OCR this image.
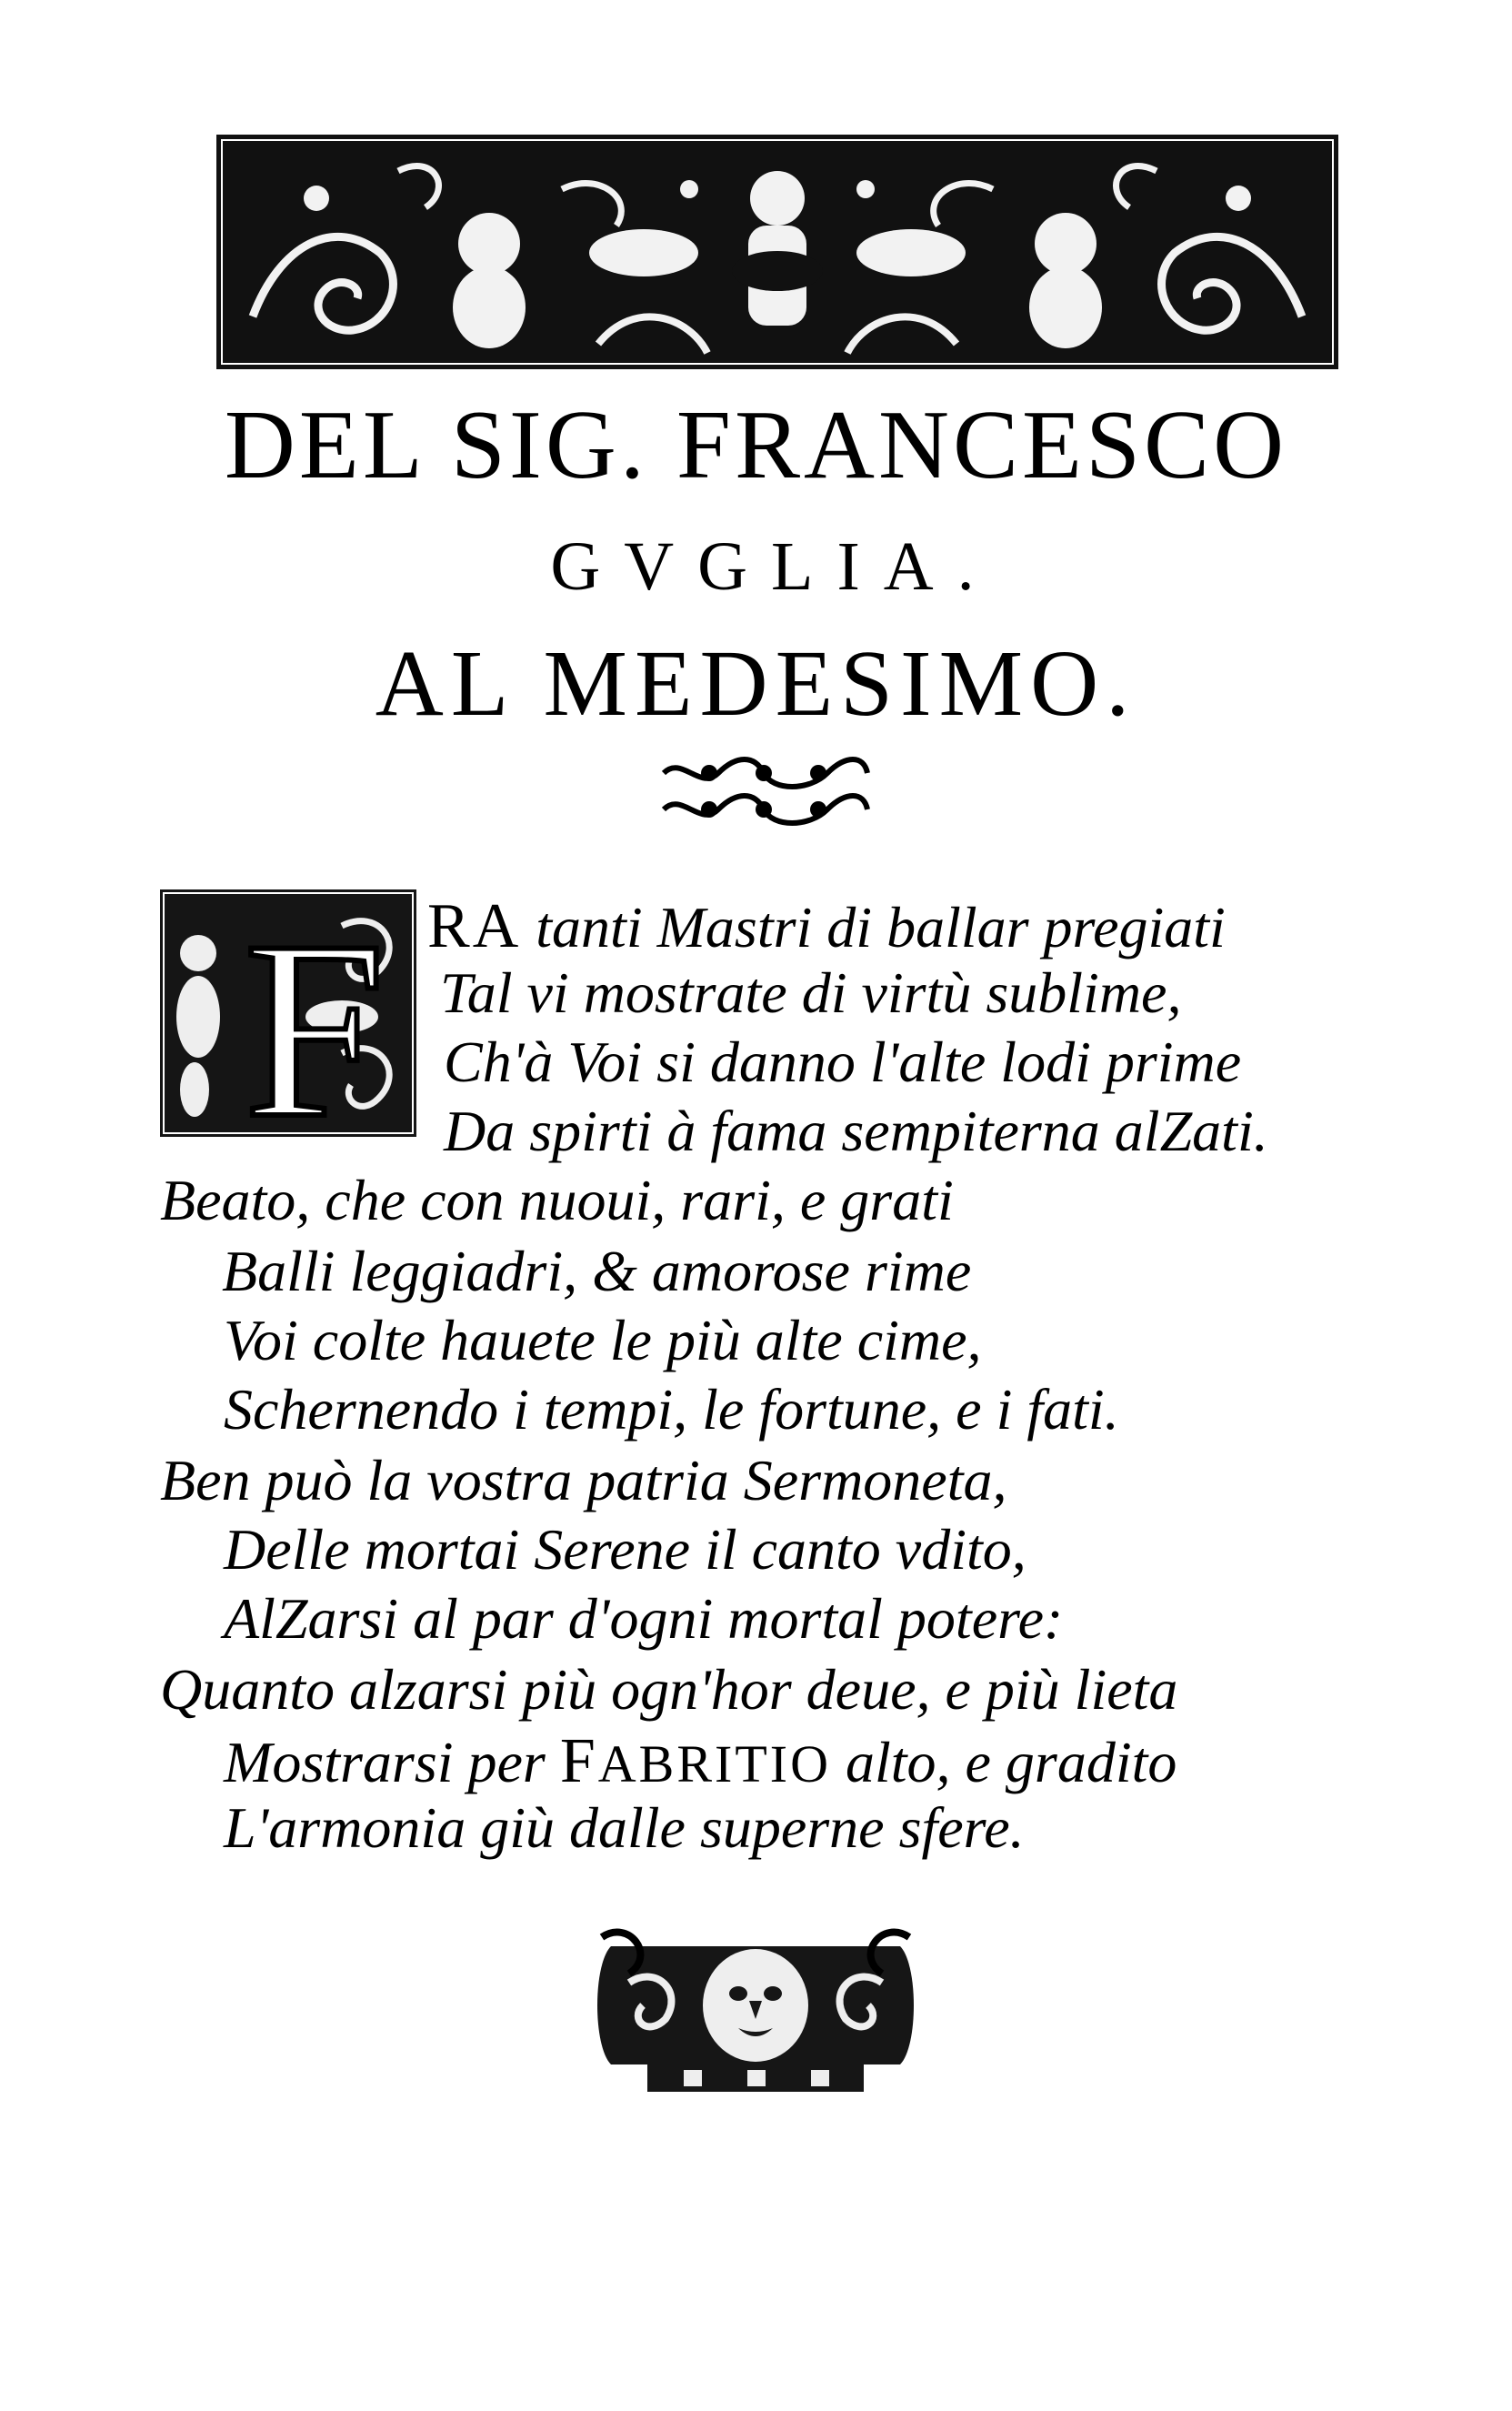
DEL SIG. FRANCESCO
GVGLIA.
AL MEDESIMO.
F RA tanti Mastri di ballar pregiati
Tal vi mostrate di virtù sublime,
Ch'à Voi si danno l'alte lodi prime
Da spirti à fama sempiterna alZati.
Beato, che con nuoui, rari, e grati
Balli leggiadri, & amorose rime
Voi colte hauete le più alte cime,
Schernendo i tempi, le fortune, e i fati.
Ben può la vostra patria Sermoneta,
Delle mortai Serene il canto vdito,
AlZarsi al par d'ogni mortal potere:
Quanto alzarsi più ogn'hor deue, e più lieta
Mostrarsi per FABRITIO alto, e gradito
L'armonia giù dalle superne sfere.
